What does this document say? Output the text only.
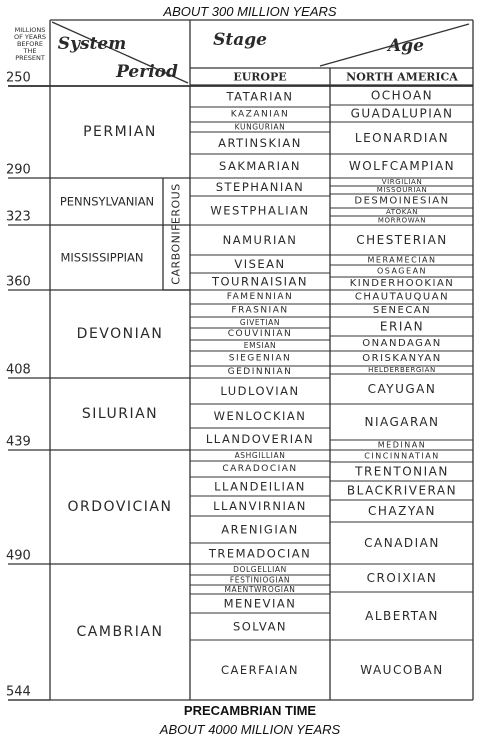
ABOUT 300 MILLION YEARS
MILLIONS
OF YEARS
BEFORE
THE
PRESENT
System
Period
Stage	Age
EUROPE	NORTH AMERICA
250
290
323
360
408
439
490
544
PERMIAN
PENNSYLVANIAN
MISSISSIPPIAN
DEVONIAN
SILURIAN
ORDOVICIAN
CAMBRIAN
CARBONIFEROUS
TATARIAN
KAZANIAN
KUNGURIAN
ARTINSKIAN
SAKMARIAN
STEPHANIAN
WESTPHALIAN
NAMURIAN
VISEAN
TOURNAISIAN
FAMENNIAN
FRASNIAN
GIVETIAN
COUVINIAN
EMSIAN
SIEGENIAN
GEDINNIAN
LUDLOVIAN
WENLOCKIAN
LLANDOVERIAN
ASHGILLIAN
CARADOCIAN
LLANDEILIAN
LLANVIRNIAN
ARENIGIAN
TREMADOCIAN
DOLGELLIAN
FESTINIOGIAN
MAENTWROGIAN
MENEVIAN
SOLVAN
CAERFAIAN
OCHOAN
GUADALUPIAN
LEONARDIAN
WOLFCAMPIAN
VIRGILIAN
MISSOURIAN
DESMOINESIAN
ATOKAN
MORROWAN
CHESTERIAN
MERAMECIAN
OSAGEAN
KINDERHOOKIAN
CHAUTAUQUAN
SENECAN
ERIAN
ONANDAGAN
ORISKANYAN
HELDERBERGIAN
CAYUGAN
NIAGARAN
MEDINAN
CINCINNATIAN
TRENTONIAN
BLACKRIVERAN
CHAZYAN
CANADIAN
CROIXIAN
ALBERTAN
WAUCOBAN
PRECAMBRIAN TIME
ABOUT 4000 MILLION YEARS
